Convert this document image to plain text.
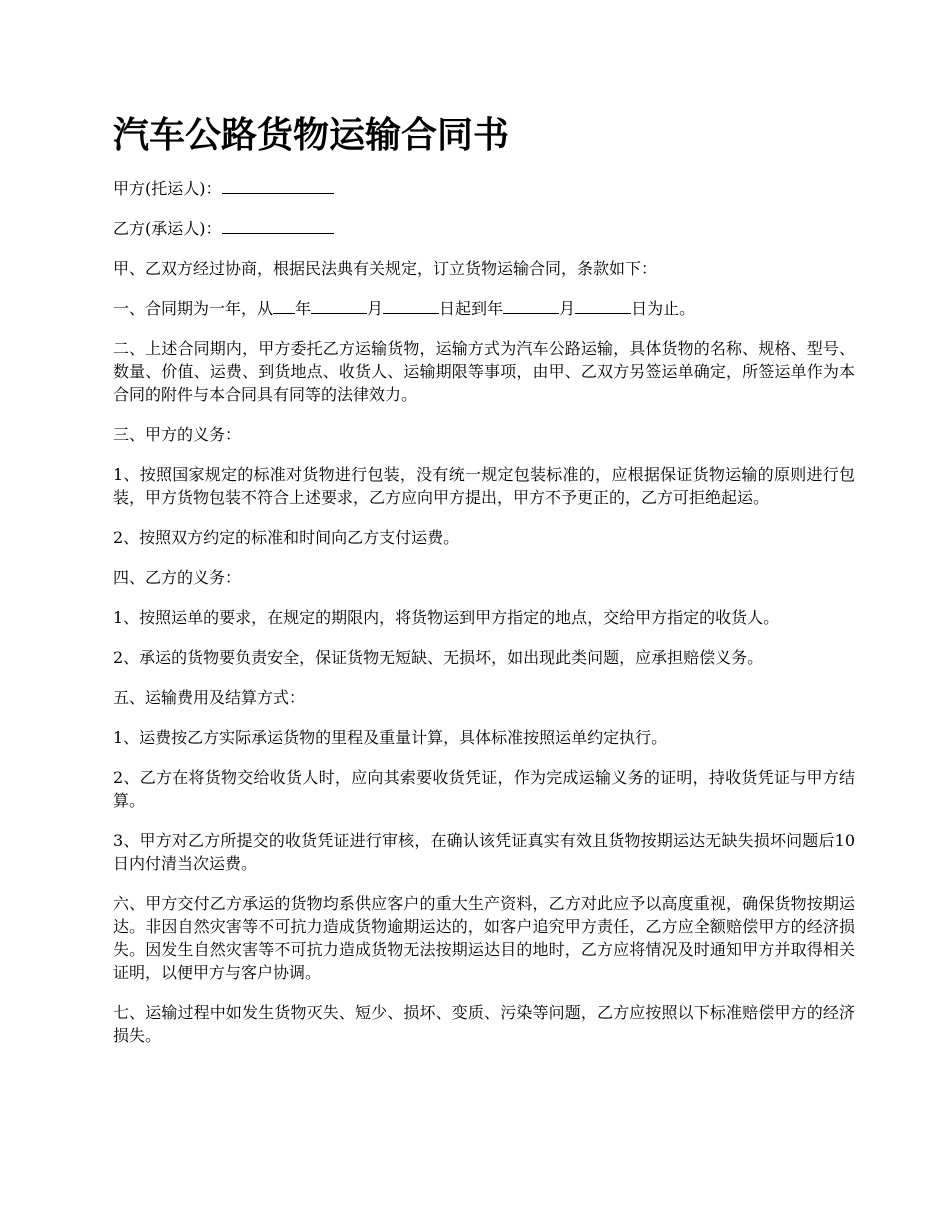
汽车公路货物运输合同书

甲方(托运人)：

乙方(承运人)：

甲、乙双方经过协商，根据民法典有关规定，订立货物运输合同，条款如下：

一、合同期为一年，从 年	月	日起到年	月	日为止。

二、上述合同期内，甲方委托乙方运输货物，运输方式为汽车公路运输，具体货物的名称、规格、型号、数量、价值、运费、到货地点、收货人、运输期限等事项，由甲、乙双方另签运单确定，所签运单作为本合同的附件与本合同具有同等的法律效力。

三、甲方的义务：

1、按照国家规定的标准对货物进行包装，没有统一规定包装标准的，应根据保证货物运输的原则进行包装，甲方货物包装不符合上述要求，乙方应向甲方提出，甲方不予更正的，乙方可拒绝起运。

2、按照双方约定的标准和时间向乙方支付运费。

四、乙方的义务：

1、按照运单的要求，在规定的期限内，将货物运到甲方指定的地点，交给甲方指定的收货人。

2、承运的货物要负责安全，保证货物无短缺、无损坏，如出现此类问题，应承担赔偿义务。

五、运输费用及结算方式：

1、运费按乙方实际承运货物的里程及重量计算，具体标准按照运单约定执行。

2、乙方在将货物交给收货人时，应向其索要收货凭证，作为完成运输义务的证明，持收货凭证与甲方结算。

3、甲方对乙方所提交的收货凭证进行审核，在确认该凭证真实有效且货物按期运达无缺失损坏问题后10日内付清当次运费。

六、甲方交付乙方承运的货物均系供应客户的重大生产资料，乙方对此应予以高度重视，确保货物按期运达。非因自然灾害等不可抗力造成货物逾期运达的，如客户追究甲方责任，乙方应全额赔偿甲方的经济损失。因发生自然灾害等不可抗力造成货物无法按期运达目的地时，乙方应将情况及时通知甲方并取得相关证明，以便甲方与客户协调。

七、运输过程中如发生货物灭失、短少、损坏、变质、污染等问题，乙方应按照以下标准赔偿甲方的经济损失。
